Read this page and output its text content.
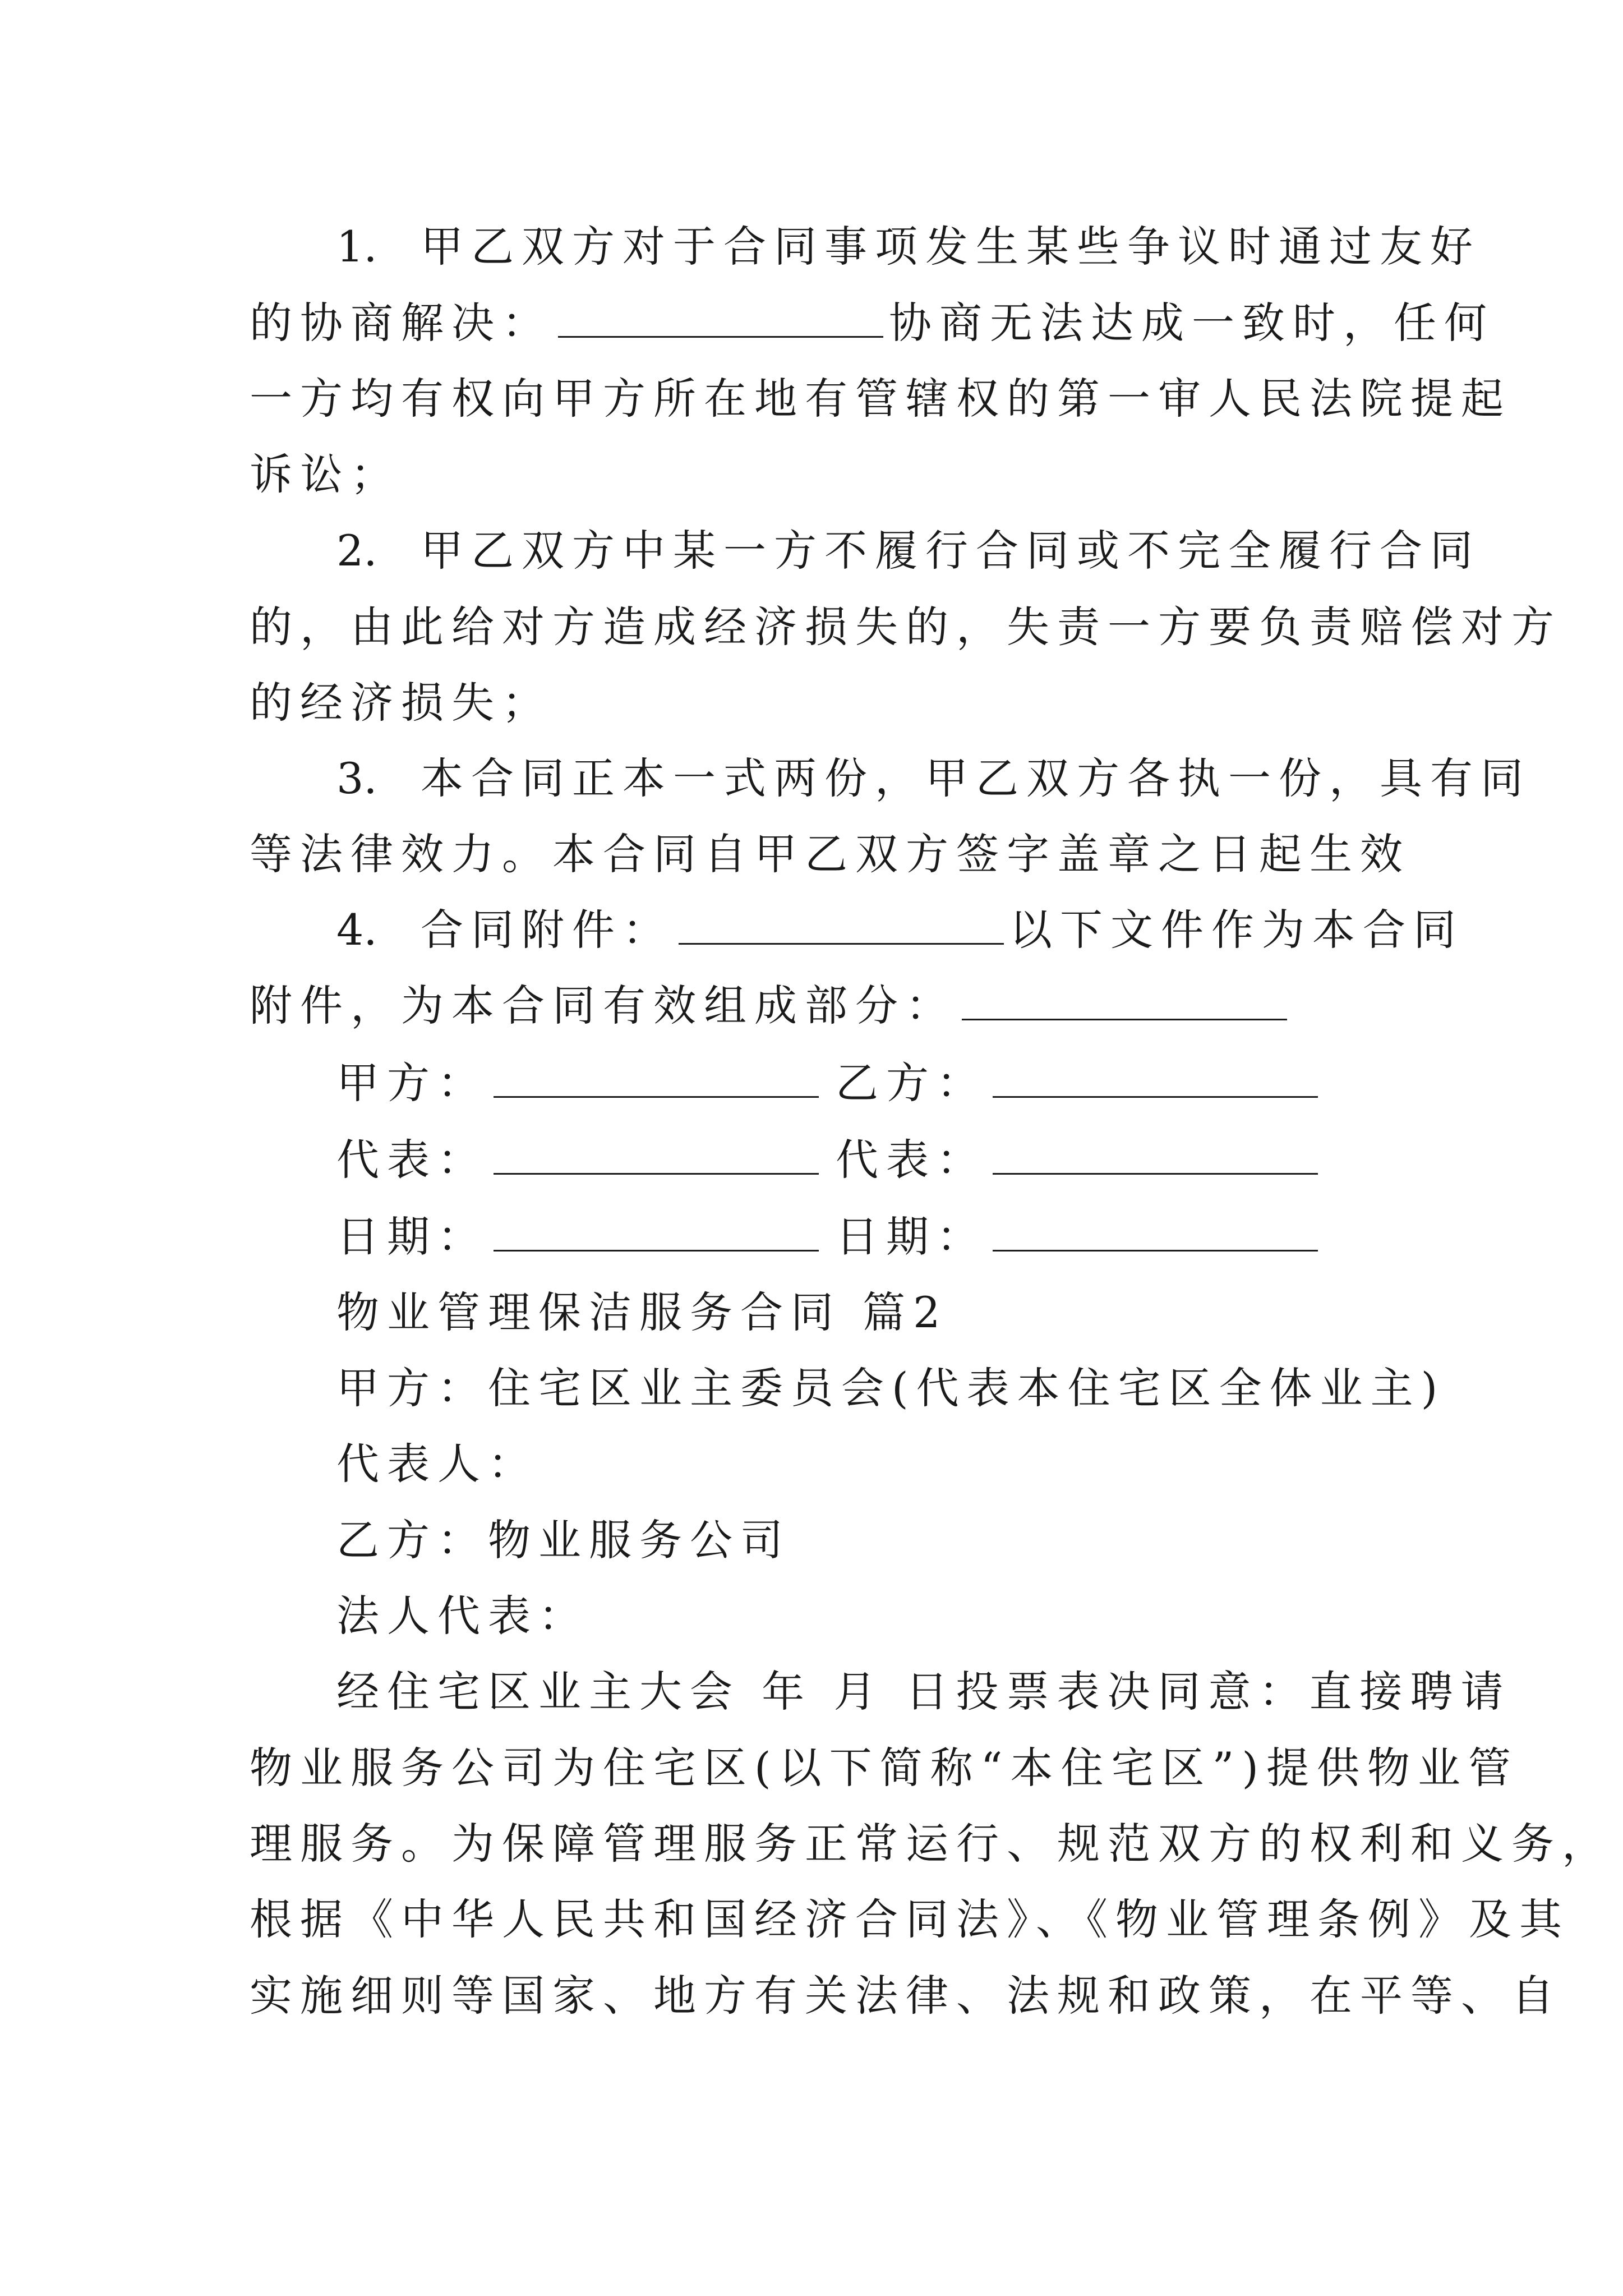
1. 甲乙双方对于合同事项发生某些争议时通过友好
的协商解决：	协商无法达成一致时，任何
一方均有权向甲方所在地有管辖权的第一审人民法院提起
诉讼；
2. 甲乙双方中某一方不履行合同或不完全履行合同
的，由此给对方造成经济损失的，失责一方要负责赔偿对方
的经济损失；
3. 本合同正本一式两份，甲乙双方各执一份，具有同
等法律效力。本合同自甲乙双方签字盖章之日起生效
4. 合同附件：	以下文件作为本合同
附件，为本合同有效组成部分：
甲方：	乙方：
代表：	代表：
日期：	日期：
物业管理保洁服务合同 篇2
甲方：住宅区业主委员会(代表本住宅区全体业主)
代表人：
乙方：物业服务公司
法人代表：
经住宅区业主大会 年 月 日投票表决同意：直接聘请
物业服务公司为住宅区(以下简称“本住宅区”)提供物业管
理服务。为保障管理服务正常运行、规范双方的权利和义务，
根据《中华人民共和国经济合同法》、《物业管理条例》及其
实施细则等国家、地方有关法律、法规和政策，在平等、自
